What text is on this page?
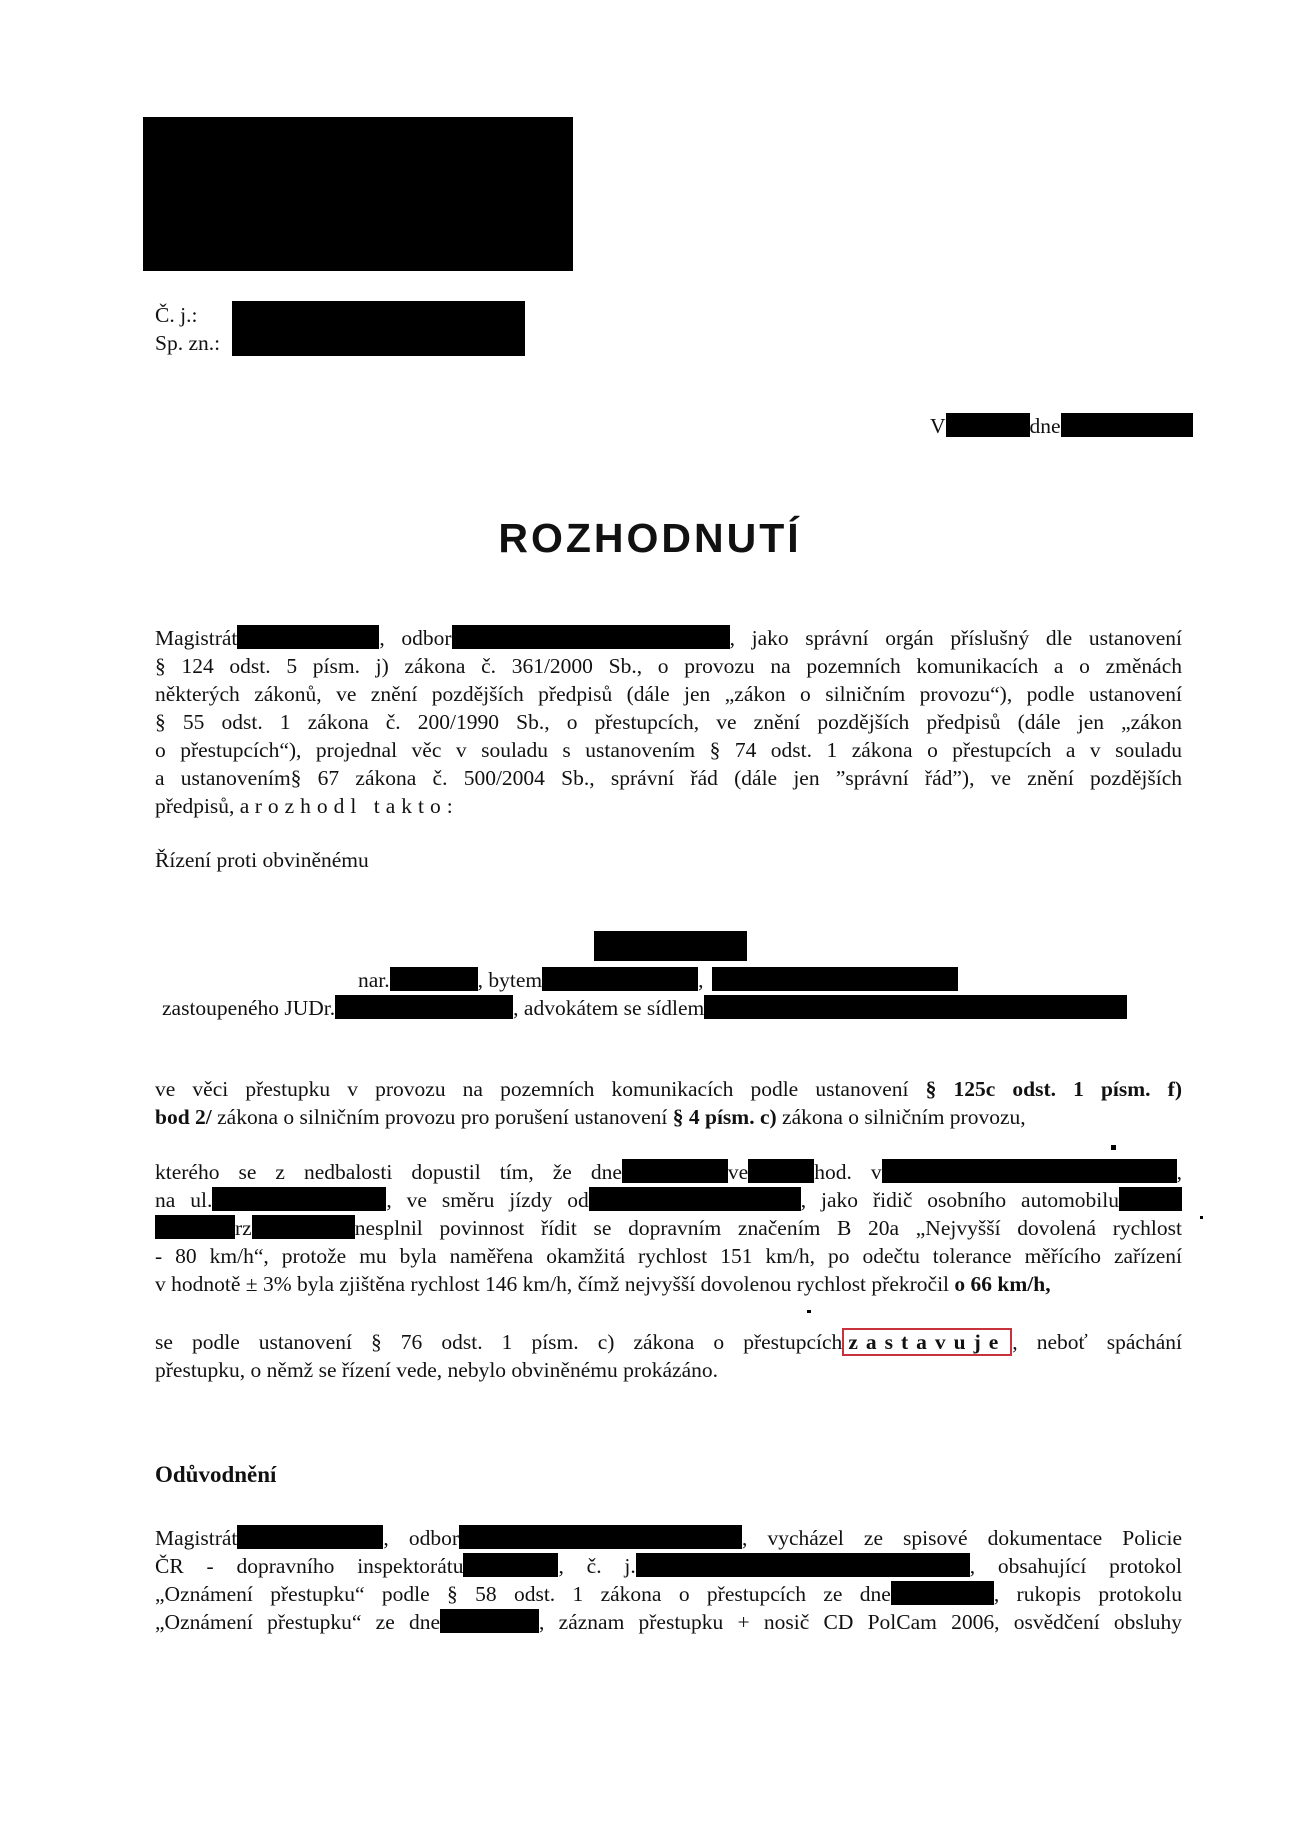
Č. j.:
Sp. zn.:
V	dne
ROZHODNUTÍ
Magistrát	, odbor	, jako správní orgán příslušný dle ustanovení
§ 124 odst. 5 písm. j) zákona č. 361/2000 Sb., o provozu na pozemních komunikacích a o změnách
některých zákonů, ve znění pozdějších předpisů (dále jen „zákon o silničním provozu“), podle ustanovení
§ 55 odst. 1 zákona č. 200/1990 Sb., o přestupcích, ve znění pozdějších předpisů (dále jen „zákon
o přestupcích“), projednal věc v souladu s ustanovením § 74 odst. 1 zákona o přestupcích a v souladu
a ustanovením§ 67 zákona č. 500/2004 Sb., správní řád (dále jen ”správní řád”), ve znění pozdějších
předpisů, a rozhodl takto:
Řízení proti obviněnému
nar.	, bytem	,
zastoupeného JUDr.	, advokátem se sídlem
ve věci přestupku v provozu na pozemních komunikacích podle ustanovení § 125c odst. 1 písm. f)
bod 2/ zákona o silničním provozu pro porušení ustanovení § 4 písm. c) zákona o silničním provozu,
kterého se z nedbalosti dopustil tím, že dne	ve	hod. v	,
na ul.	, ve směru jízdy od	, jako řidič osobního automobilu
rz	nesplnil povinnost řídit se dopravním značením B 20a „Nejvyšší dovolená rychlost
- 80 km/h“, protože mu byla naměřena okamžitá rychlost 151 km/h, po odečtu tolerance měřícího zařízení
v hodnotě ± 3% byla zjištěna rychlost 146 km/h, čímž nejvyšší dovolenou rychlost překročil o 66 km/h,
se podle ustanovení § 76 odst. 1 písm. c) zákona o přestupcích zastavuje , neboť spáchání
přestupku, o němž se řízení vede, nebylo obviněnému prokázáno.
Odůvodnění
Magistrát	, odbor	, vycházel ze spisové dokumentace Policie
ČR - dopravního inspektorátu	, č. j.	, obsahující protokol
„Oznámení přestupku“ podle § 58 odst. 1 zákona o přestupcích ze dne	, rukopis protokolu
„Oznámení přestupku“ ze dne	, záznam přestupku + nosič CD PolCam 2006, osvědčení obsluhy
